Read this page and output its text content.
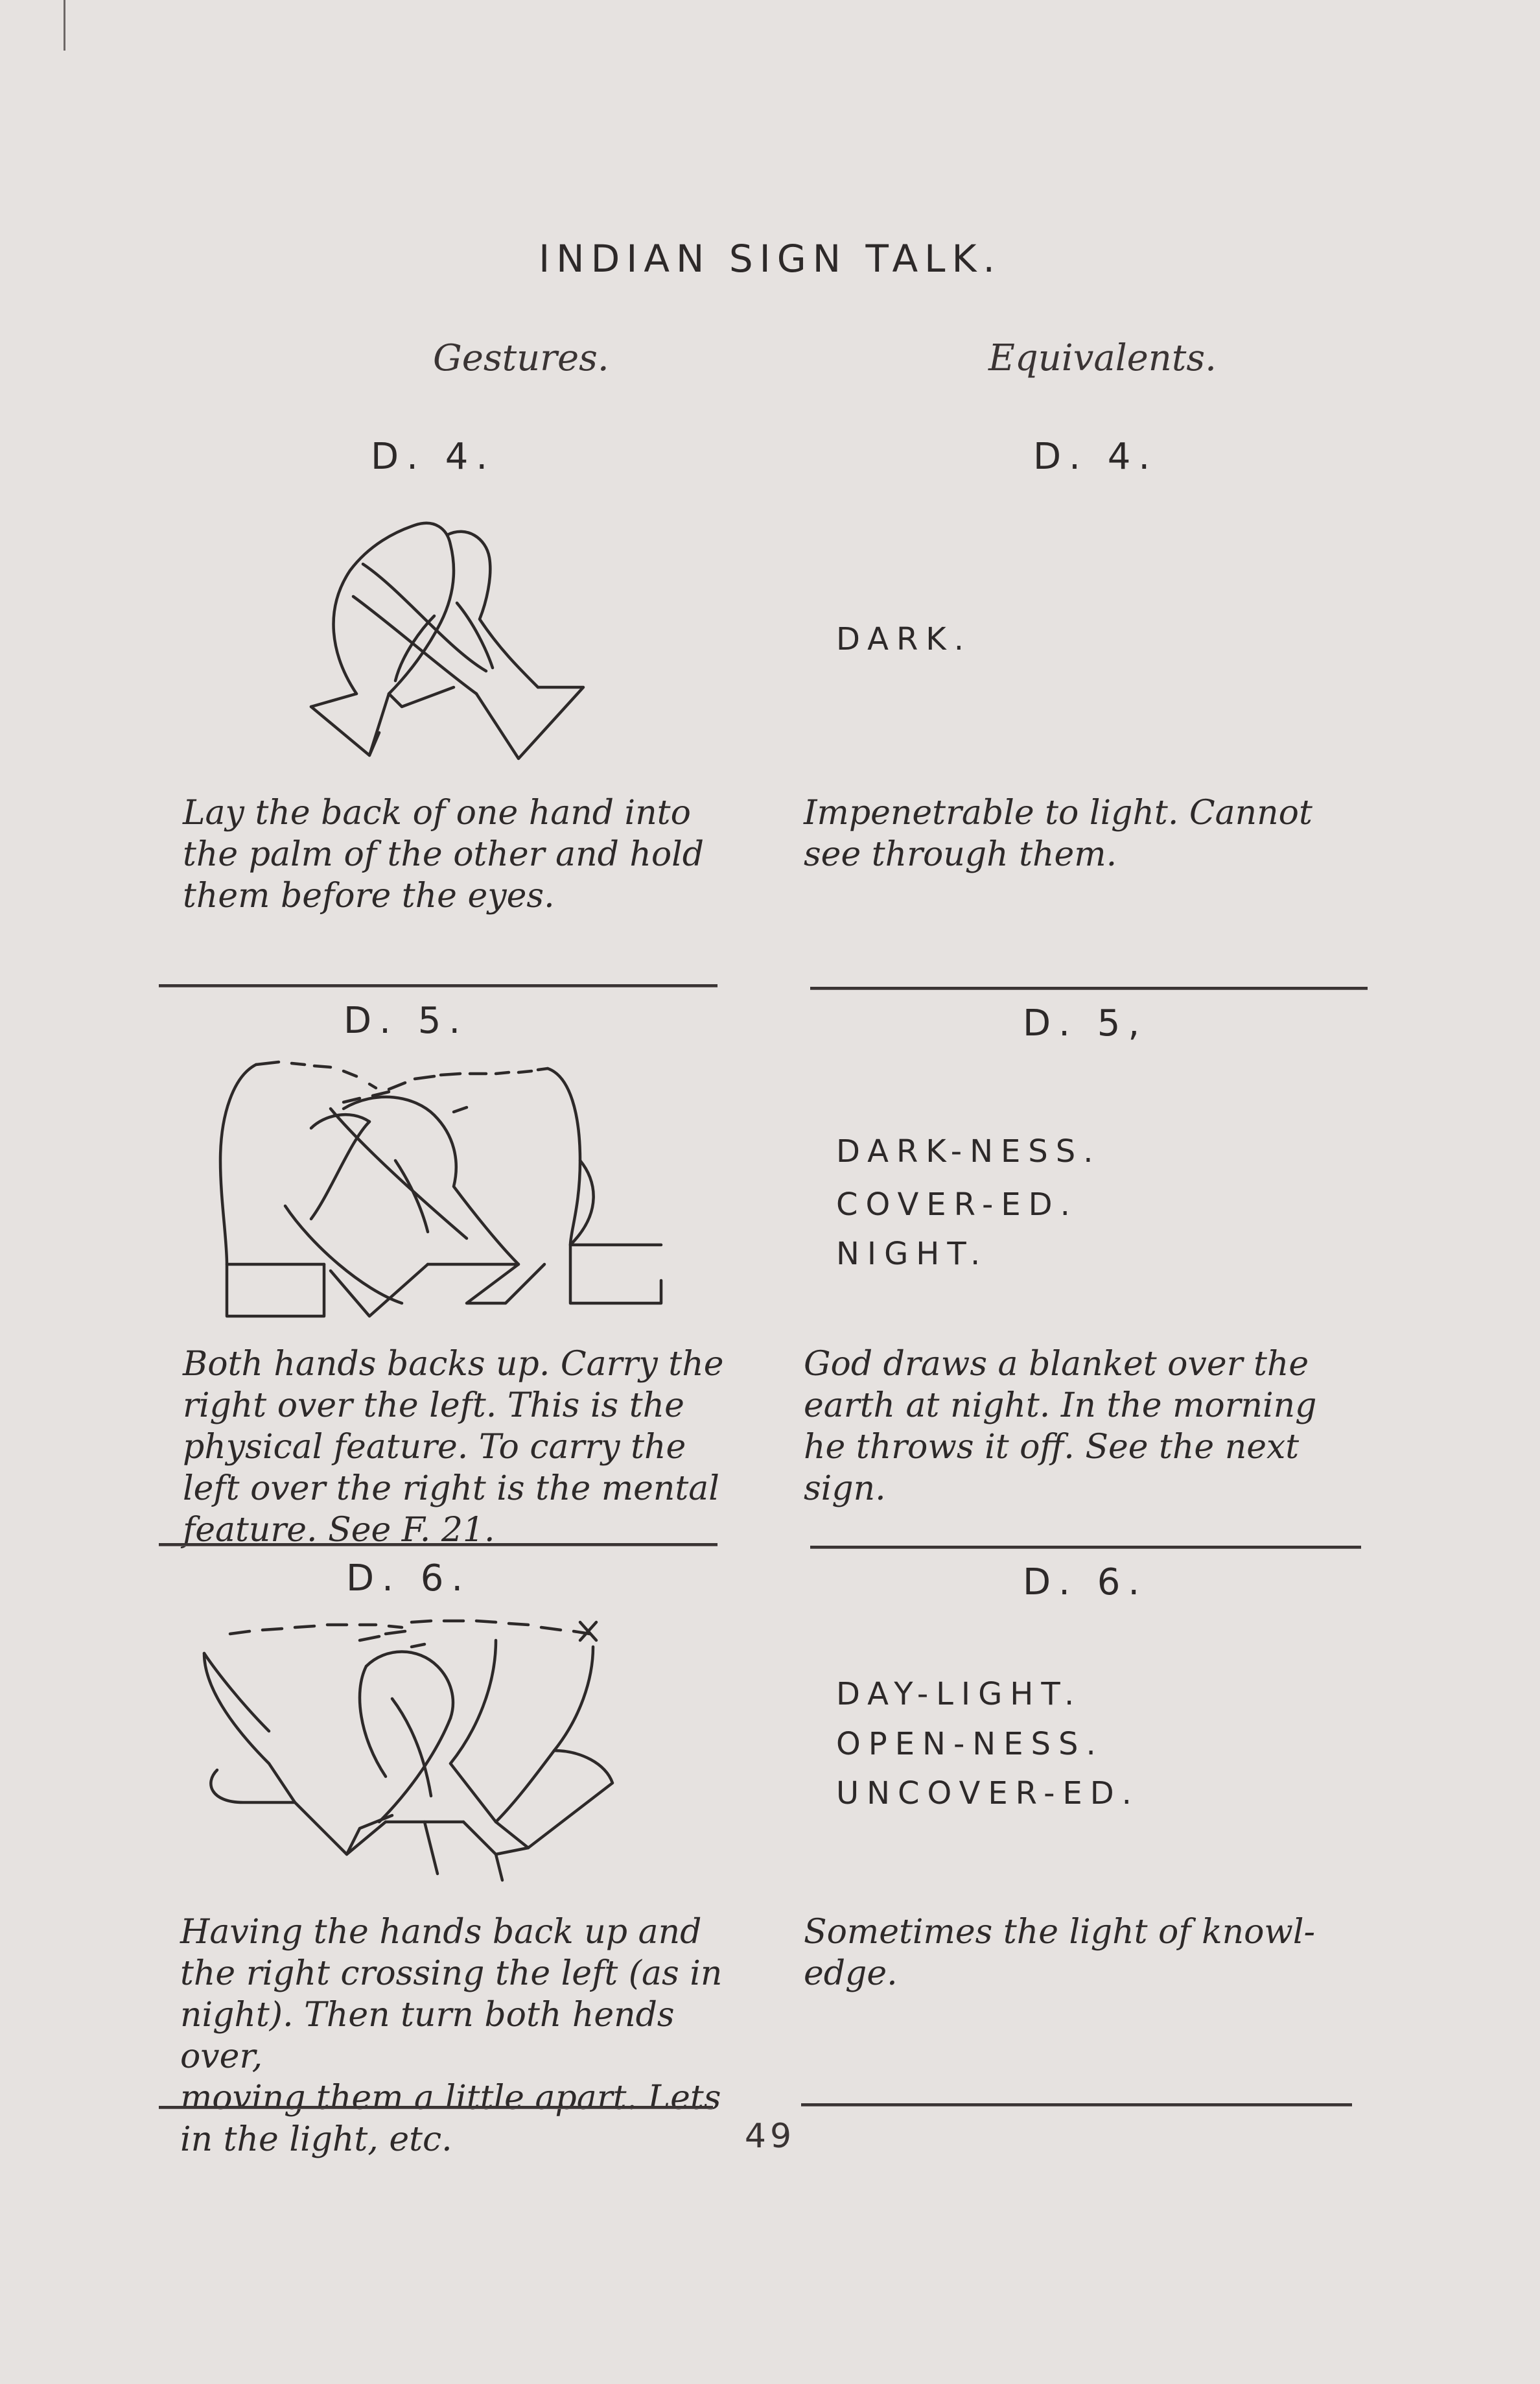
INDIAN SIGN TALK.
Gestures.	Equivalents.
D. 4.	D. 4.
DARK.
Lay the back of one hand into
the palm of the other and hold
them before the eyes.
Impenetrable to light. Cannot
see through them.
D. 5.	D. 5,
DARK-NESS.
COVER-ED.
NIGHT.
Both hands backs up. Carry the
right over the left. This is the
physical feature. To carry the
left over the right is the mental
feature. See F. 21.
God draws a blanket over the
earth at night. In the morning
he throws it off. See the next sign.
D. 6.	D. 6.
DAY-LIGHT.
OPEN-NESS.
UNCOVER-ED.
Having the hands back up and
the right crossing the left (as in
night). Then turn both hends over,
moving them a little apart. Lets
in the light, etc.
Sometimes the light of knowl-
edge.
49
